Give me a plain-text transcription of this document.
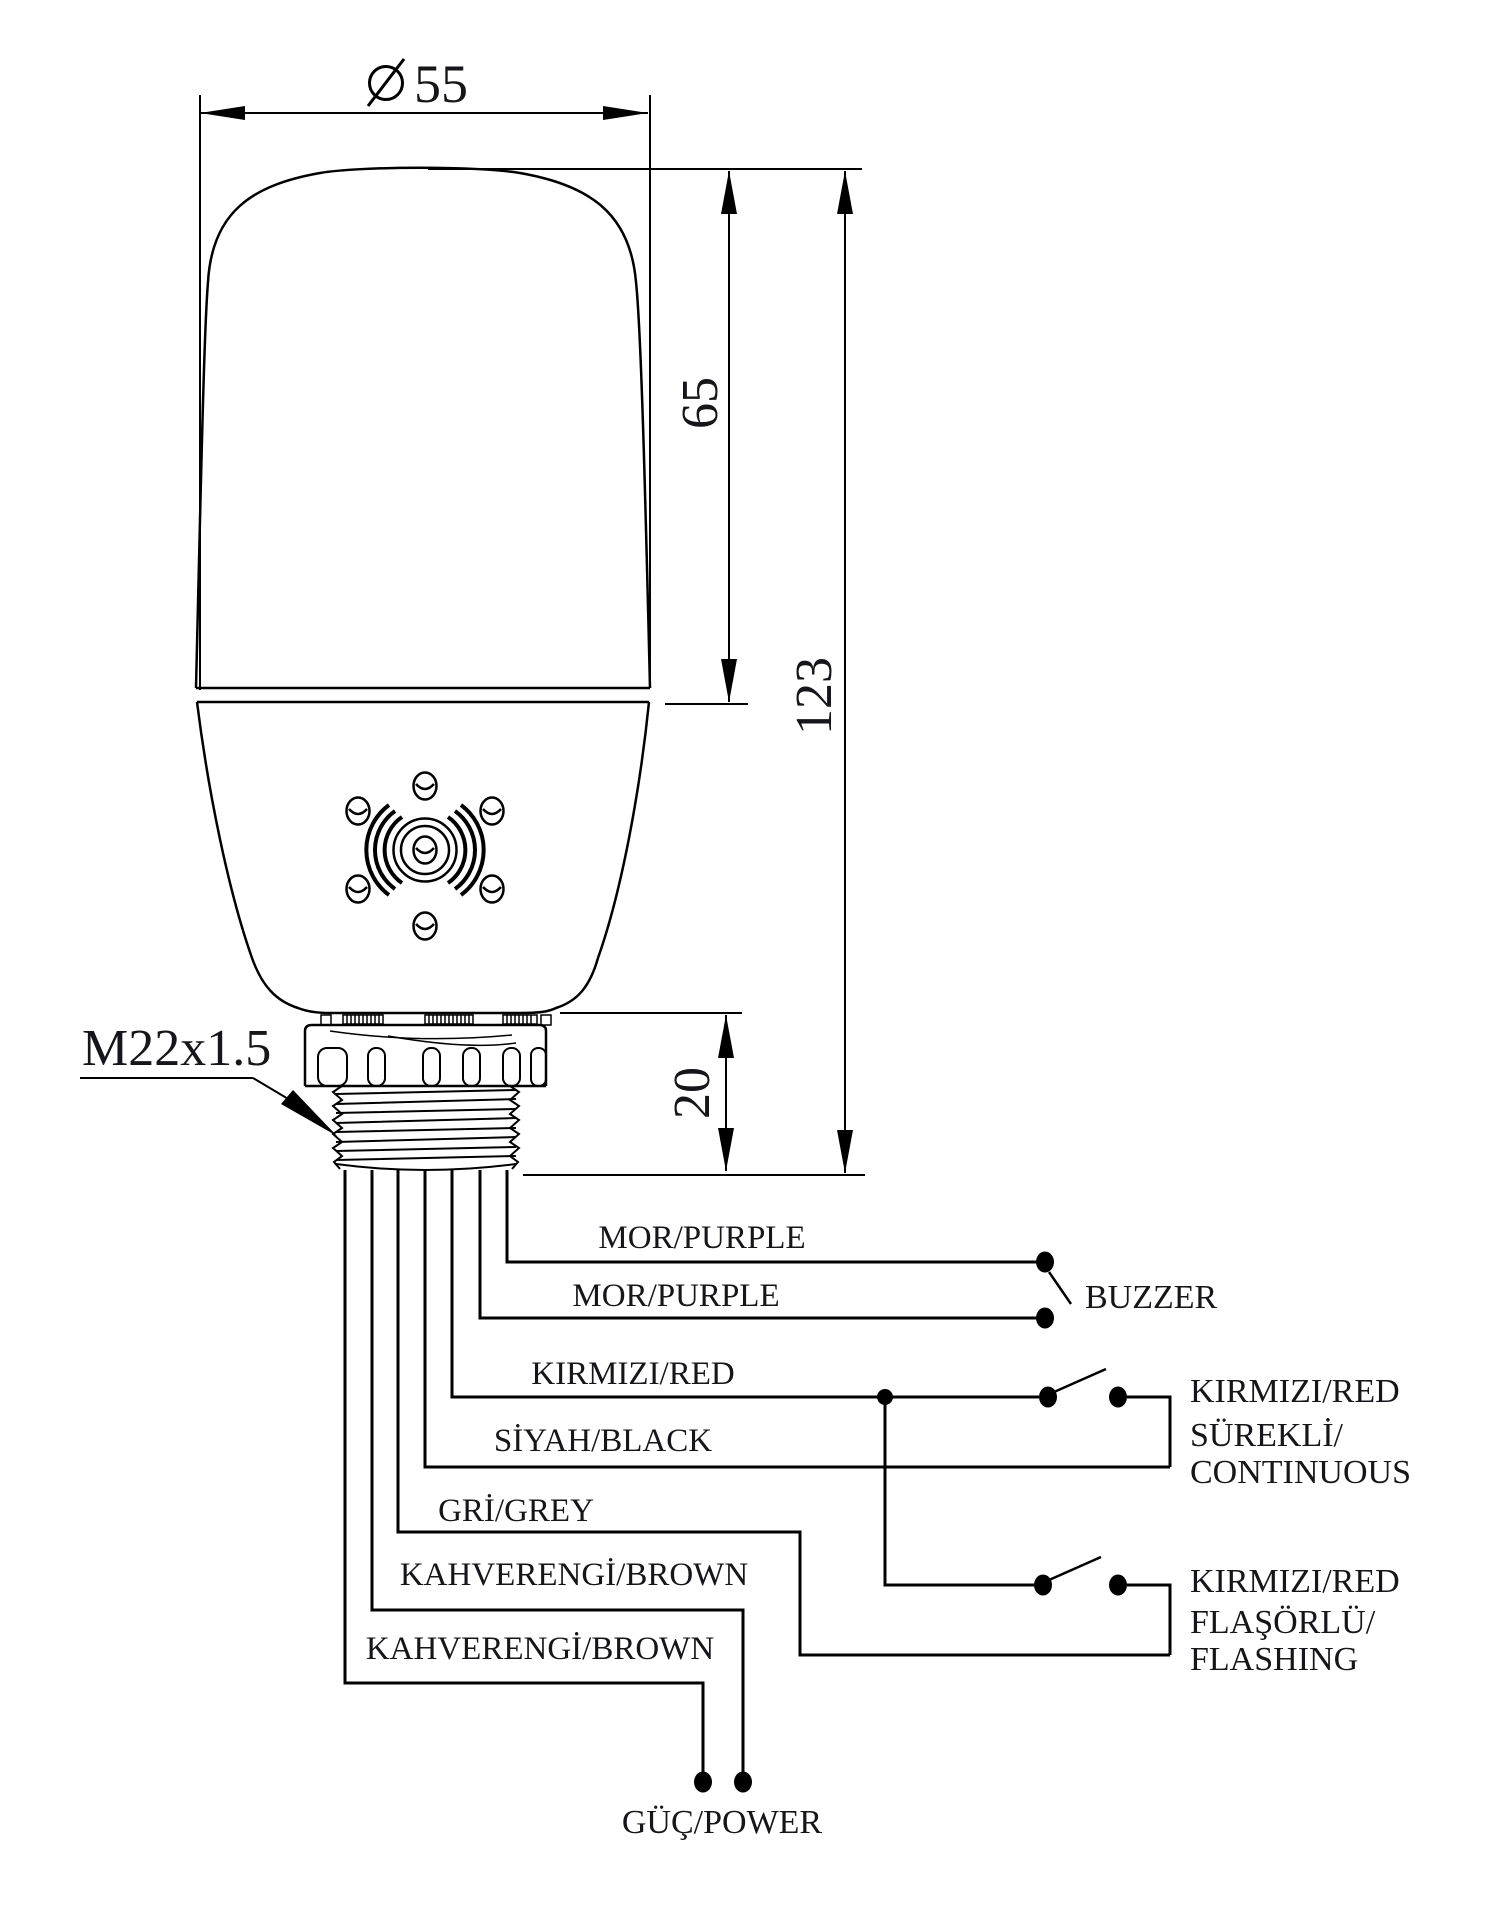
55
M22x1.5
65
123
20
MOR/PURPLE
MOR/PURPLE
KIRMIZI/RED
SİYAH/BLACK
GRİ/GREY
KAHVERENGİ/BROWN
KAHVERENGİ/BROWN
BUZZER
KIRMIZI/RED
SÜREKLİ/
CONTINUOUS
KIRMIZI/RED
FLAŞÖRLÜ/
FLASHING
GÜÇ/POWER
